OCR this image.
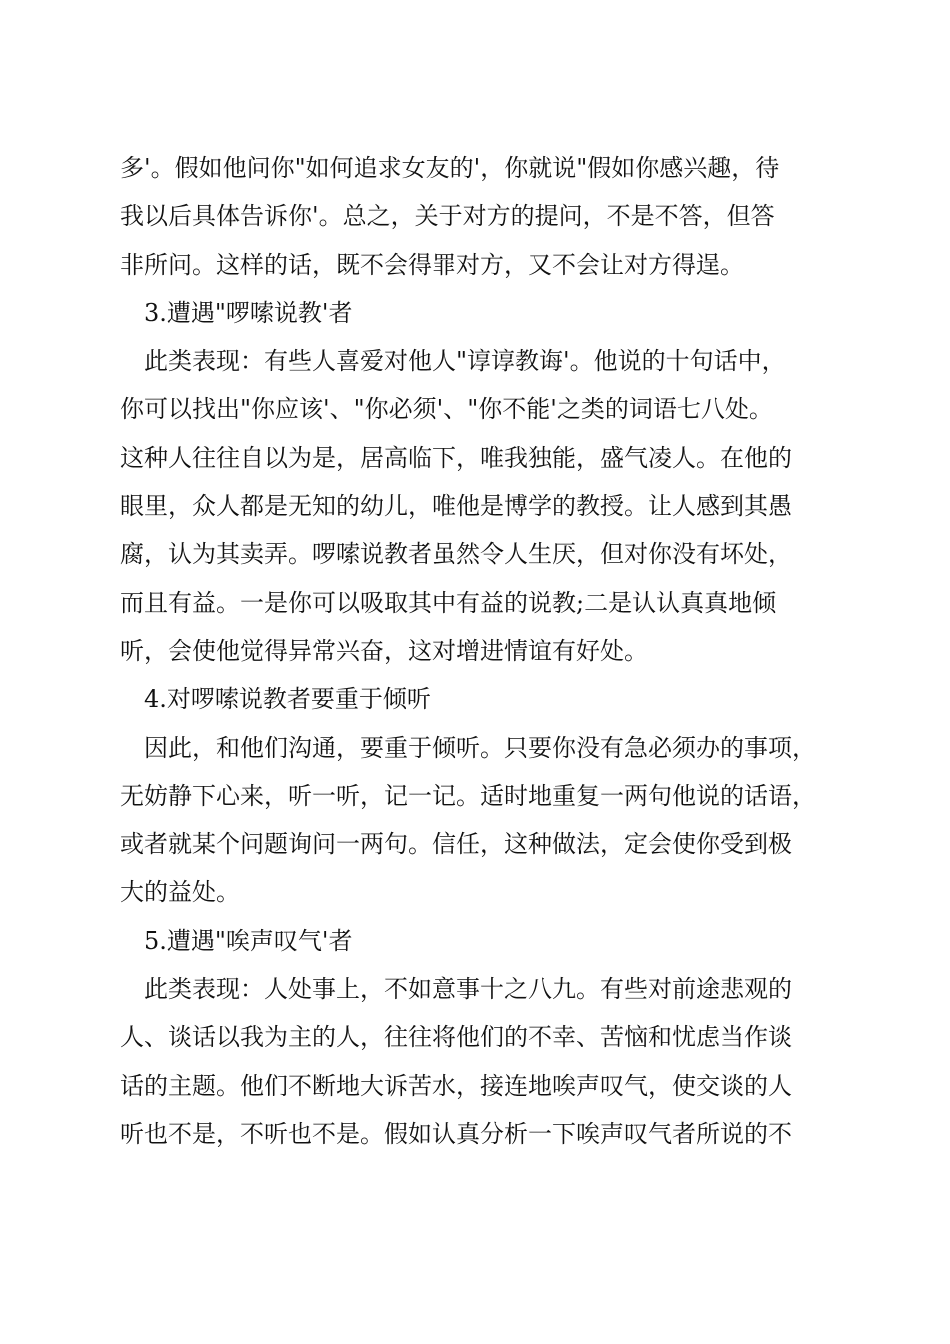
多'。假如他问你"如何追求女友的'，你就说"假如你感兴趣，待
我以后具体告诉你'。总之，关于对方的提问，不是不答，但答
非所问。这样的话，既不会得罪对方，又不会让对方得逞。
3.遭遇"啰嗦说教'者
此类表现：有些人喜爱对他人"谆谆教诲'。他说的十句话中，
你可以找出"你应该'、"你必须'、"你不能'之类的词语七八处。
这种人往往自以为是，居高临下，唯我独能，盛气凌人。在他的
眼里，众人都是无知的幼儿，唯他是博学的教授。让人感到其愚
腐，认为其卖弄。啰嗦说教者虽然令人生厌，但对你没有坏处，
而且有益。一是你可以吸取其中有益的说教;二是认认真真地倾
听，会使他觉得异常兴奋，这对增进情谊有好处。
4.对啰嗦说教者要重于倾听
因此，和他们沟通，要重于倾听。只要你没有急必须办的事项，
无妨静下心来，听一听，记一记。适时地重复一两句他说的话语，
或者就某个问题询问一两句。信任，这种做法，定会使你受到极
大的益处。
5.遭遇"唉声叹气'者
此类表现：人处事上，不如意事十之八九。有些对前途悲观的
人、谈话以我为主的人，往往将他们的不幸、苦恼和忧虑当作谈
话的主题。他们不断地大诉苦水，接连地唉声叹气，使交谈的人
听也不是，不听也不是。假如认真分析一下唉声叹气者所说的不
